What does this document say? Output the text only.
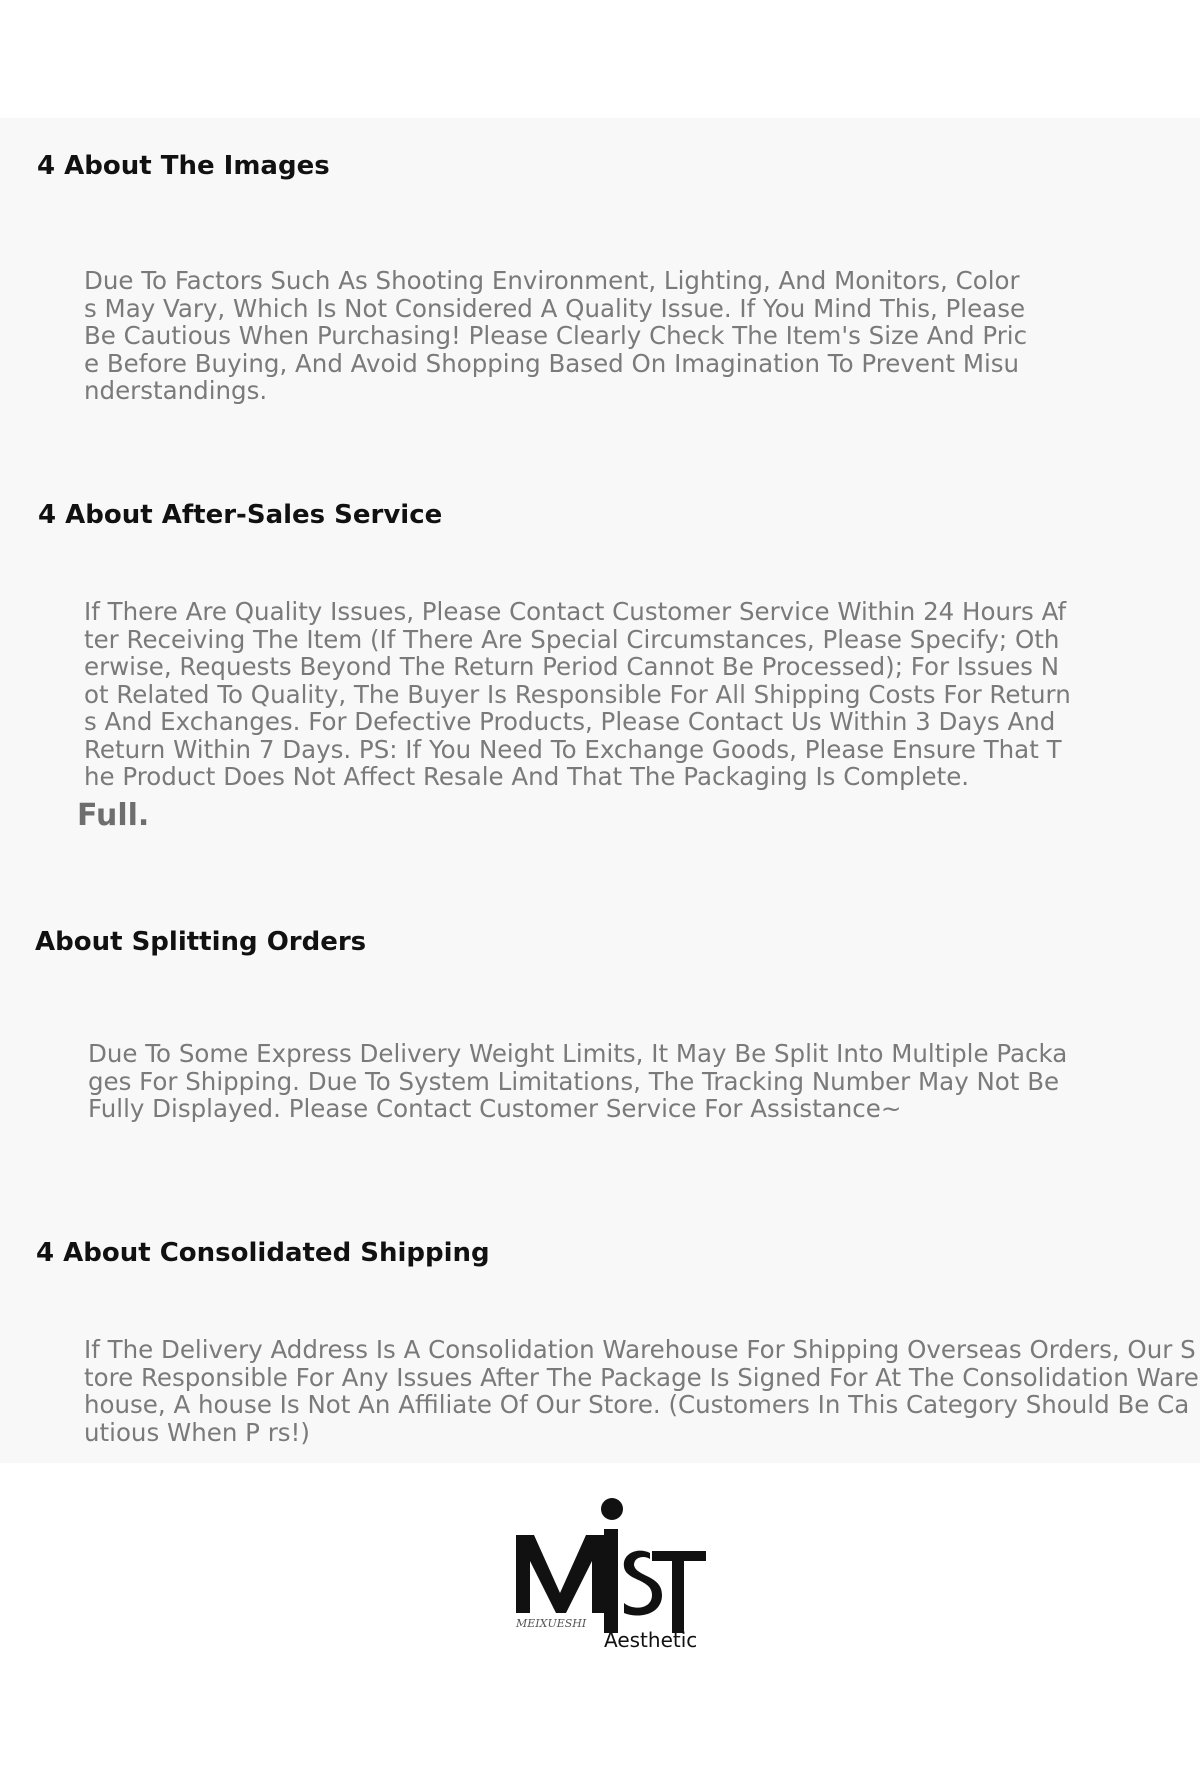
4 About The Images

Due To Factors Such As Shooting Environment, Lighting, And Monitors, Colors May Vary, Which Is Not Considered A Quality Issue. If You Mind This, Please Be Cautious When Purchasing! Please Clearly Check The Item's Size And Price Before Buying, And Avoid Shopping Based On Imagination To Prevent Misunderstandings.

4 About After-Sales Service

If There Are Quality Issues, Please Contact Customer Service Within 24 Hours After Receiving The Item (If There Are Special Circumstances, Please Specify; Otherwise, Requests Beyond The Return Period Cannot Be Processed); For Issues Not Related To Quality, The Buyer Is Responsible For All Shipping Costs For Returns And Exchanges. For Defective Products, Please Contact Us Within 3 Days And Return Within 7 Days. PS: If You Need To Exchange Goods, Please Ensure That The Product Does Not Affect Resale And That The Packaging Is Complete.

Full.
About Splitting Orders

Due To Some Express Delivery Weight Limits, It May Be Split Into Multiple Packages For Shipping. Due To System Limitations, The Tracking Number May Not Be Fully Displayed. Please Contact Customer Service For Assistance~

4 About Consolidated Shipping

If The Delivery Address Is A Consolidation Warehouse For Shipping Overseas Orders, Our Store Responsible For Any Issues After The Package Is Signed For At The Consolidation Warehouse, A house Is Not An Affiliate Of Our Store. (Customers In This Category Should Be Cautious When P rs!)

MEIXUESHI
Aesthetic
